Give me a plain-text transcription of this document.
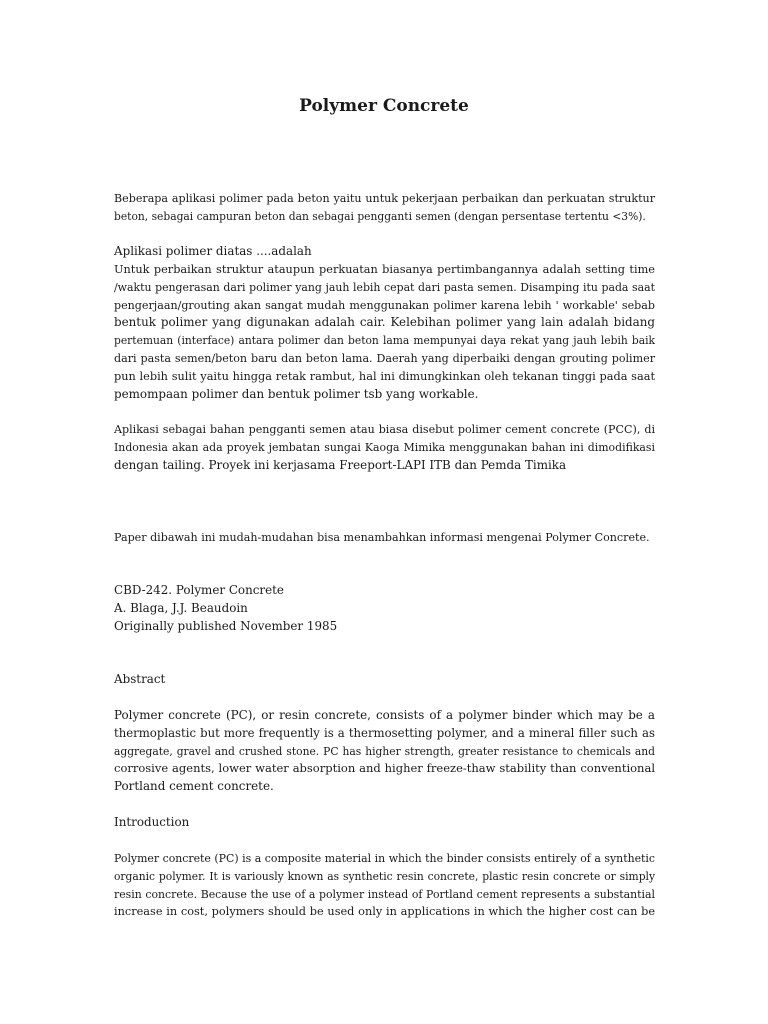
Polymer Concrete
Beberapa aplikasi polimer pada beton yaitu untuk pekerjaan perbaikan dan perkuatan struktur
beton, sebagai campuran beton dan sebagai pengganti semen (dengan persentase tertentu <3%).
Aplikasi polimer diatas ....adalah
Untuk perbaikan struktur ataupun perkuatan biasanya pertimbangannya adalah setting time
/waktu pengerasan dari polimer yang jauh lebih cepat dari pasta semen. Disamping itu pada saat
pengerjaan/grouting akan sangat mudah menggunakan polimer karena lebih ' workable' sebab
bentuk polimer yang digunakan adalah cair. Kelebihan polimer yang lain adalah bidang
pertemuan (interface) antara polimer dan beton lama mempunyai daya rekat yang jauh lebih baik
dari pasta semen/beton baru dan beton lama. Daerah yang diperbaiki dengan grouting polimer
pun lebih sulit yaitu hingga retak rambut, hal ini dimungkinkan oleh tekanan tinggi pada saat
pemompaan polimer dan bentuk polimer tsb yang workable.
Aplikasi sebagai bahan pengganti semen atau biasa disebut polimer cement concrete (PCC), di
Indonesia akan ada proyek jembatan sungai Kaoga Mimika menggunakan bahan ini dimodifikasi
dengan tailing. Proyek ini kerjasama Freeport-LAPI ITB dan Pemda Timika
Paper dibawah ini mudah-mudahan bisa menambahkan informasi mengenai Polymer Concrete.
CBD-242. Polymer Concrete
A. Blaga, J.J. Beaudoin
Originally published November 1985
Abstract
Polymer concrete (PC), or resin concrete, consists of a polymer binder which may be a
thermoplastic but more frequently is a thermosetting polymer, and a mineral filler such as
aggregate, gravel and crushed stone. PC has higher strength, greater resistance to chemicals and
corrosive agents, lower water absorption and higher freeze-thaw stability than conventional
Portland cement concrete.
Introduction
Polymer concrete (PC) is a composite material in which the binder consists entirely of a synthetic
organic polymer. It is variously known as synthetic resin concrete, plastic resin concrete or simply
resin concrete. Because the use of a polymer instead of Portland cement represents a substantial
increase in cost, polymers should be used only in applications in which the higher cost can be
